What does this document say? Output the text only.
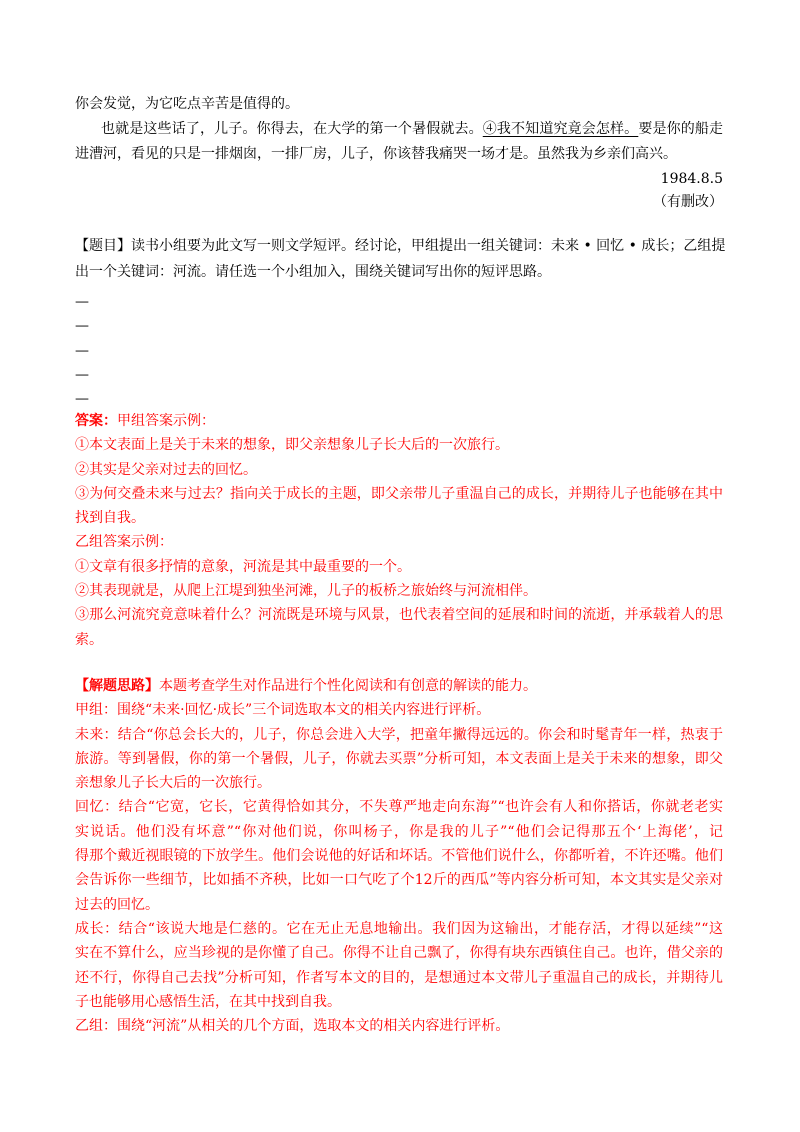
你会发觉，为它吃点辛苦是值得的。
也就是这些话了，儿子。你得去，在大学的第一个暑假就去。④我不知道究竟会怎样。要是你的船走
进漕河，看见的只是一排烟囱，一排厂房，儿子，你该替我痛哭一场才是。虽然我为乡亲们高兴。
1984.8.5
（有删改）
【题目】读书小组要为此文写一则文学短评。经讨论，甲组提出一组关键词：未来 • 回忆 • 成长；乙组提
出一个关键词：河流。请任选一个小组加入，围绕关键词写出你的短评思路。
—
—
—
—
—
答案：甲组答案示例：
①本文表面上是关于未来的想象，即父亲想象儿子长大后的一次旅行。
②其实是父亲对过去的回忆。
③为何交叠未来与过去？指向关于成长的主题，即父亲带儿子重温自己的成长，并期待儿子也能够在其中
找到自我。
乙组答案示例：
①文章有很多抒情的意象，河流是其中最重要的一个。
②其表现就是，从爬上江堤到独坐河滩，儿子的板桥之旅始终与河流相伴。
③那么河流究竟意味着什么？河流既是环境与风景，也代表着空间的延展和时间的流逝，并承载着人的思
索。
【解题思路】本题考查学生对作品进行个性化阅读和有创意的解读的能力。
甲组：围绕“未来·回忆·成长”三个词选取本文的相关内容进行评析。
未来：结合“你总会长大的，儿子，你总会进入大学，把童年撇得远远的。你会和时髦青年一样，热衷于
旅游。等到暑假，你的第一个暑假，儿子，你就去买票”分析可知，本文表面上是关于未来的想象，即父
亲想象儿子长大后的一次旅行。
回忆：结合“它宽，它长，它黄得恰如其分，不失尊严地走向东海”“也许会有人和你搭话，你就老老实
实说话。他们没有坏意”“你对他们说，你叫杨子，你是我的儿子”“他们会记得那五个‘上海佬’，记
得那个戴近视眼镜的下放学生。他们会说他的好话和坏话。不管他们说什么，你都听着，不许还嘴。他们
会告诉你一些细节，比如插不齐秧，比如一口气吃了个12斤的西瓜”等内容分析可知，本文其实是父亲对
过去的回忆。
成长：结合“该说大地是仁慈的。它在无止无息地输出。我们因为这输出，才能存活，才得以延续”“这
实在不算什么，应当珍视的是你懂了自己。你得不让自己飘了，你得有块东西镇住自己。也许，借父亲的
还不行，你得自己去找”分析可知，作者写本文的目的，是想通过本文带儿子重温自己的成长，并期待儿
子也能够用心感悟生活，在其中找到自我。
乙组：围绕“河流”从相关的几个方面，选取本文的相关内容进行评析。
